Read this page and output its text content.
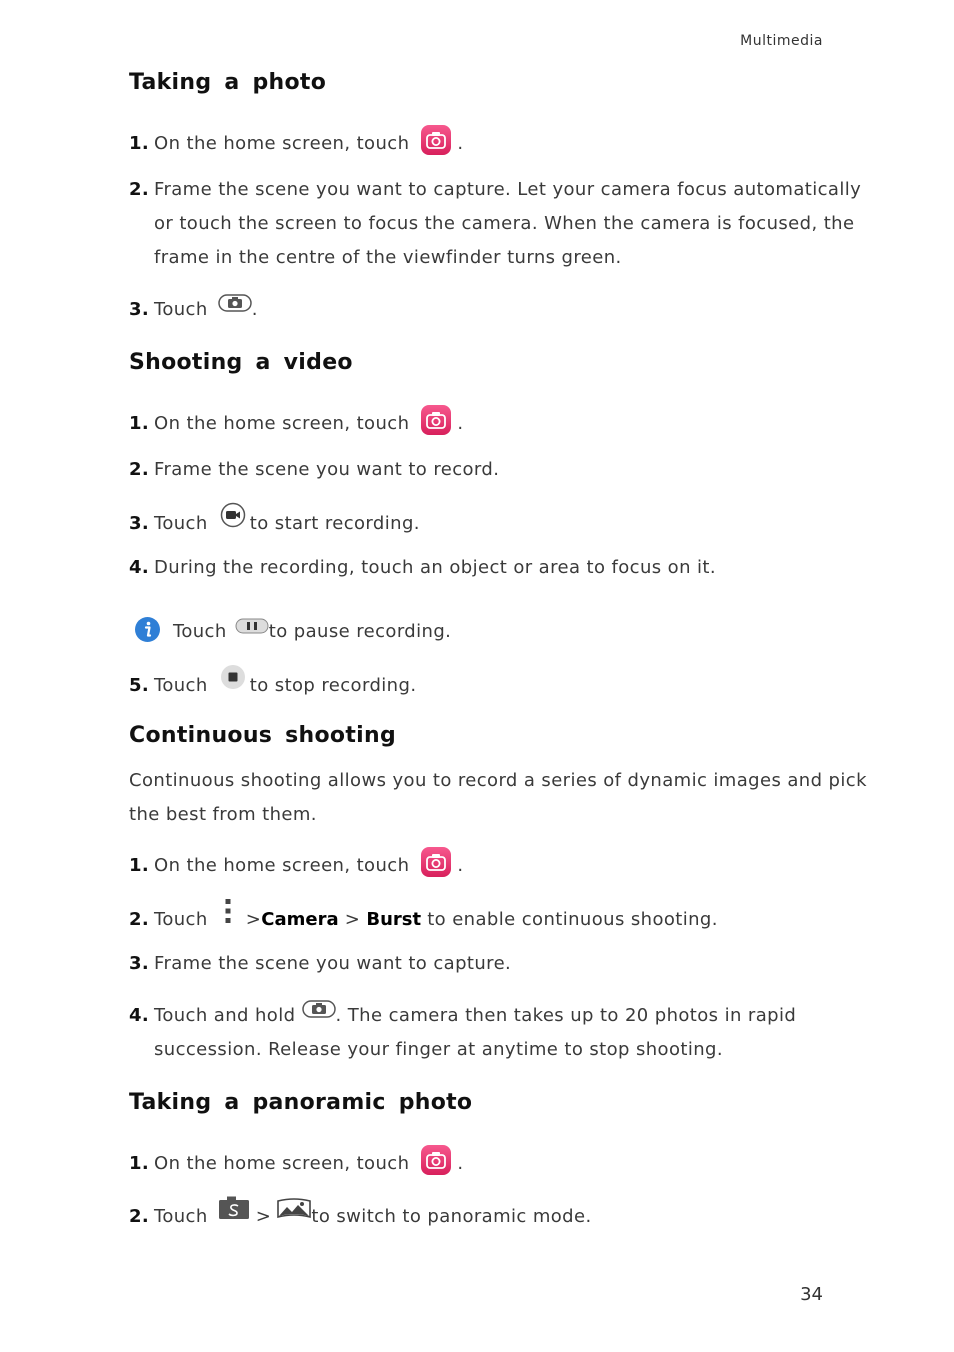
Multimedia
Taking a photo
1. On the home screen, touch	.
2. Frame the scene you want to capture. Let your camera focus automatically
or touch the screen to focus the camera. When the camera is focused, the
frame in the centre of the viewfinder turns green.
3. Touch .
Shooting a video
1. On the home screen, touch	.
2. Frame the scene you want to record.
3. Touch to start recording.
4. During the recording, touch an object or area to focus on it.
Touch to pause recording.
5. Touch to stop recording.
Continuous shooting
Continuous shooting allows you to record a series of dynamic images and pick
the best from them.
1. On the home screen, touch	.
2. Touch >Camera > Burst to enable continuous shooting.
3. Frame the scene you want to capture.
4. Touch and hold . The camera then takes up to 20 photos in rapid
succession. Release your finger at anytime to stop shooting.
Taking a panoramic photo
1. On the home screen, touch	.
2. Touch	> to switch to panoramic mode.
34
